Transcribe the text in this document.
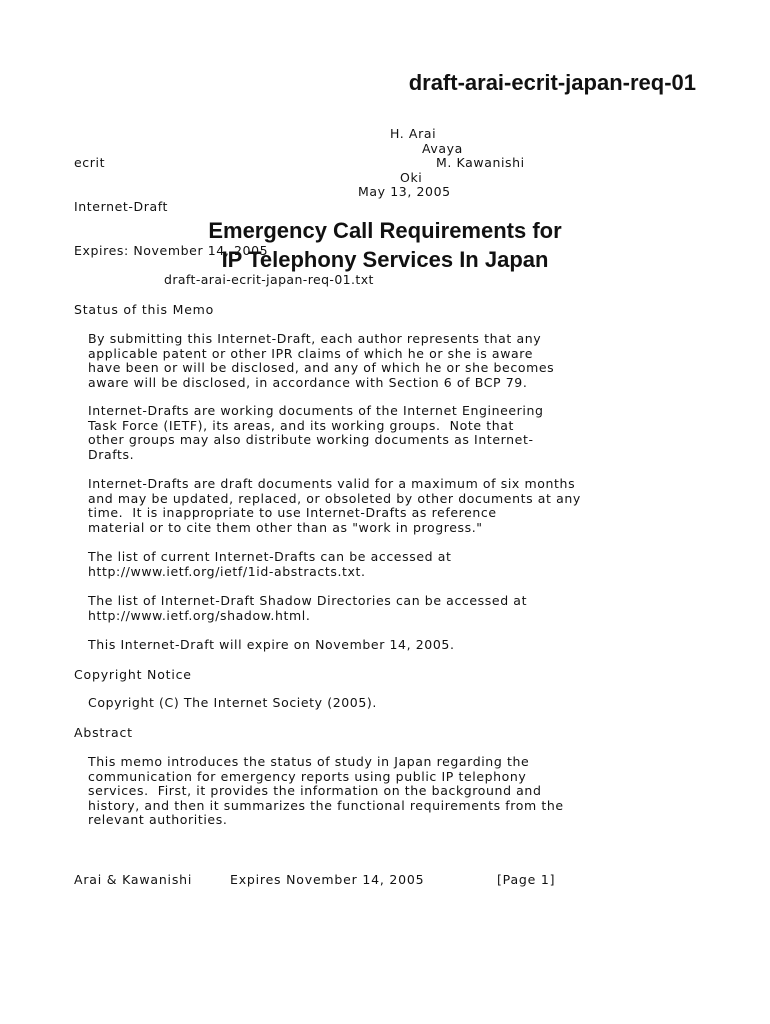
draft-arai-ecrit-japan-req-01

ecrit

Internet-Draft

Expires: November 14, 2005

H. Arai
Avaya
M. Kawanishi
Oki
May 13, 2005
Emergency Call Requirements for
IP Telephony Services In Japan
draft-arai-ecrit-japan-req-01.txt
Status of this Memo
By submitting this Internet-Draft, each author represents that any
applicable patent or other IPR claims of which he or she is aware
have been or will be disclosed, and any of which he or she becomes
aware will be disclosed, in accordance with Section 6 of BCP 79.
Internet-Drafts are working documents of the Internet Engineering
Task Force (IETF), its areas, and its working groups.  Note that
other groups may also distribute working documents as Internet-
Drafts.
Internet-Drafts are draft documents valid for a maximum of six months
and may be updated, replaced, or obsoleted by other documents at any
time.  It is inappropriate to use Internet-Drafts as reference
material or to cite them other than as "work in progress."
The list of current Internet-Drafts can be accessed at
http://www.ietf.org/ietf/1id-abstracts.txt.
The list of Internet-Draft Shadow Directories can be accessed at
http://www.ietf.org/shadow.html.
This Internet-Draft will expire on November 14, 2005.
Copyright Notice
Copyright (C) The Internet Society (2005).
Abstract
This memo introduces the status of study in Japan regarding the
communication for emergency reports using public IP telephony
services.  First, it provides the information on the background and
history, and then it summarizes the functional requirements from the
relevant authorities.
Arai & Kawanishi	Expires November 14, 2005	[Page 1]
